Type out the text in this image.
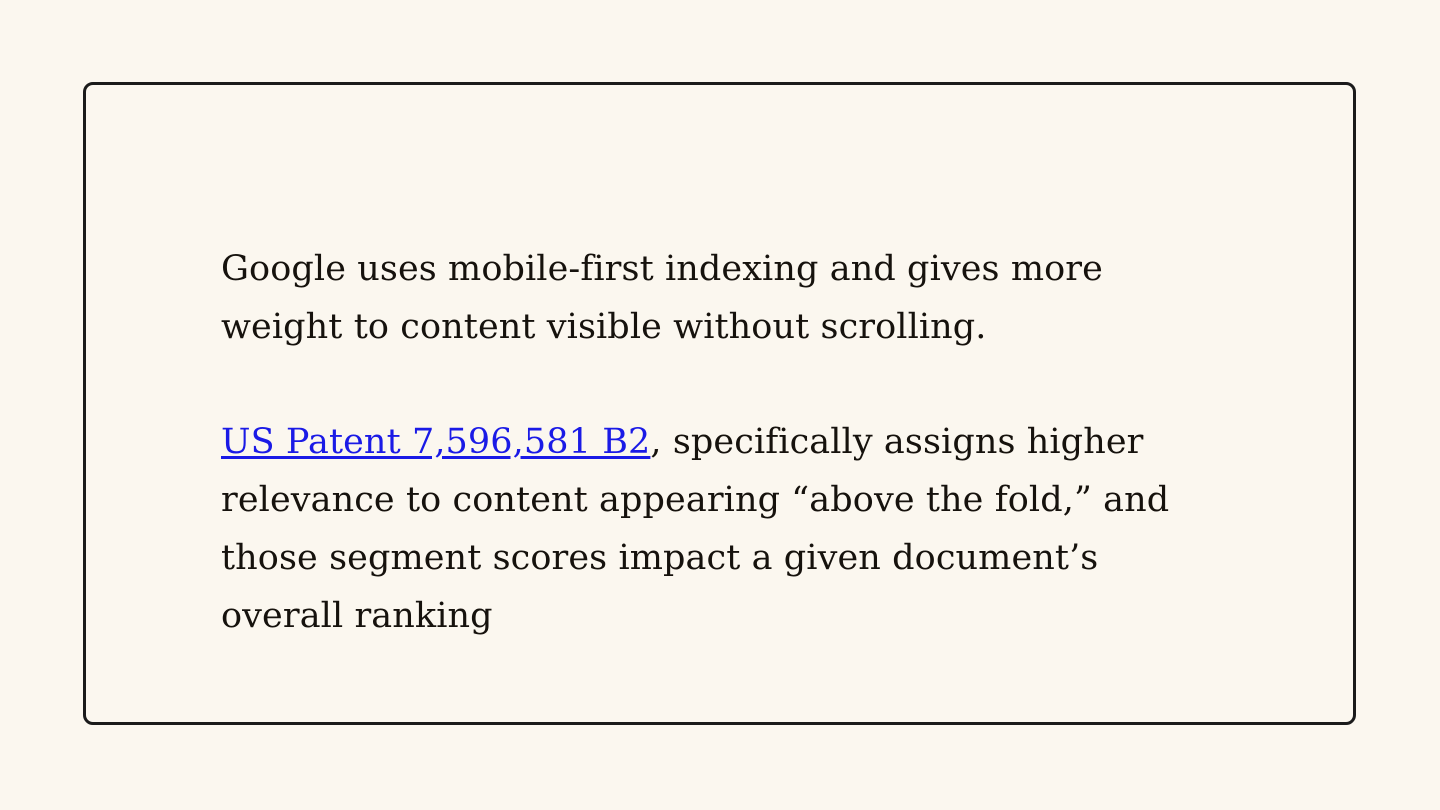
Google uses mobile-first indexing and gives more weight to content visible without scrolling.

US Patent 7,596,581 B2, specifically assigns higher relevance to content appearing “above the fold,” and those segment scores impact a given document’s overall ranking
